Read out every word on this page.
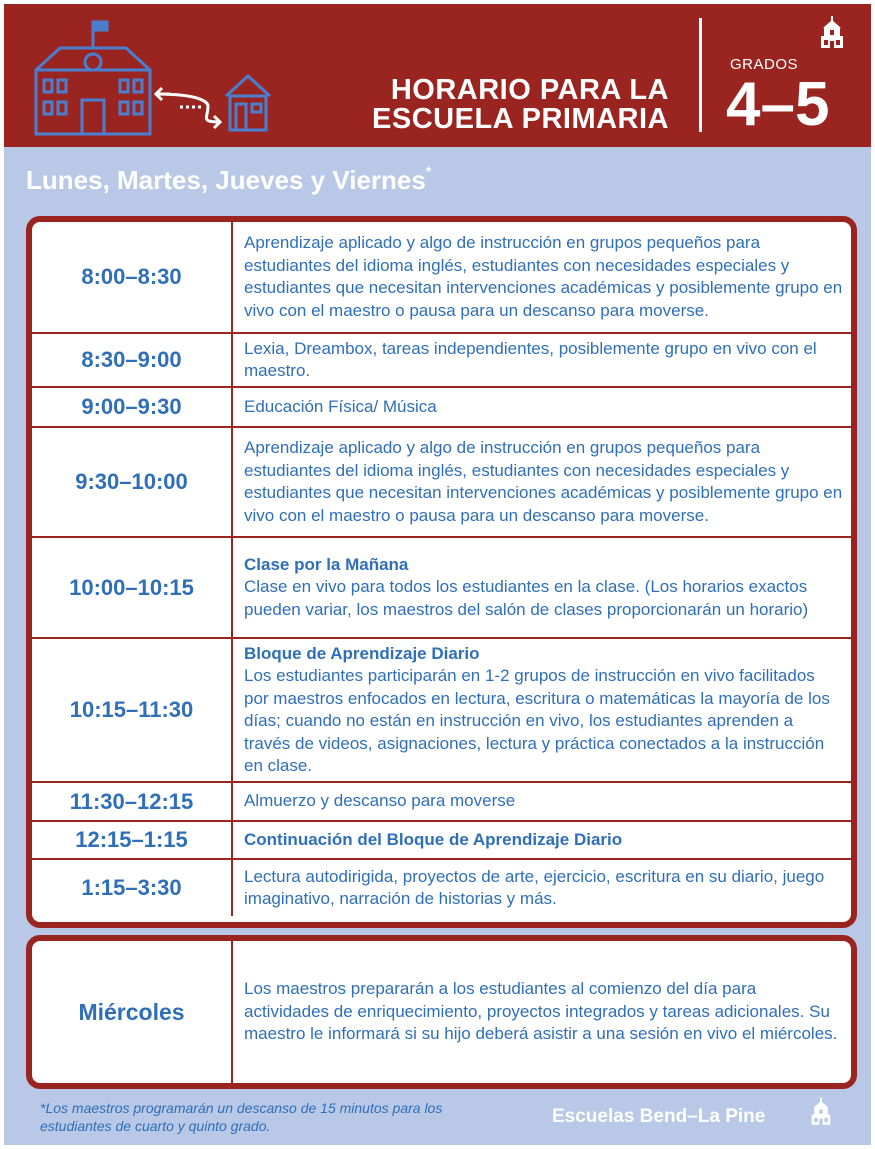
HORARIO PARA LA
ESCUELA PRIMARIA
GRADOS
4–5
Lunes, Martes, Jueves y Viernes*
8:00–8:30
Aprendizaje aplicado y algo de instrucción en grupos pequeños para estudiantes del idioma inglés, estudiantes con necesidades especiales y estudiantes que necesitan intervenciones académicas y posiblemente grupo en vivo con el maestro o pausa para un descanso para moverse.
8:30–9:00	Lexia, Dreambox, tareas independientes, posiblemente grupo en vivo con el maestro.
9:00–9:30	Educación Física/ Música
9:30–10:00
Aprendizaje aplicado y algo de instrucción en grupos pequeños para estudiantes del idioma inglés, estudiantes con necesidades especiales y estudiantes que necesitan intervenciones académicas y posiblemente grupo en vivo con el maestro o pausa para un descanso para moverse.
10:00–10:15
Clase por la Mañana
Clase en vivo para todos los estudiantes en la clase. (Los horarios exactos pueden variar, los maestros del salón de clases proporcionarán un horario)
10:15–11:30
Bloque de Aprendizaje Diario
Los estudiantes participarán en 1-2 grupos de instrucción en vivo facilitados por maestros enfocados en lectura, escritura o matemáticas la mayoría de los días; cuando no están en instrucción en vivo, los estudiantes aprenden a través de videos, asignaciones, lectura y práctica conectados a la instrucción en clase.
11:30–12:15	Almuerzo y descanso para moverse
12:15–1:15	Continuación del Bloque de Aprendizaje Diario
1:15–3:30	Lectura autodirigida, proyectos de arte, ejercicio, escritura en su diario, juego imaginativo, narración de historias y más.
Miércoles
Los maestros prepararán a los estudiantes al comienzo del día para actividades de enriquecimiento, proyectos integrados y tareas adicionales. Su maestro le informará si su hijo deberá asistir a una sesión en vivo el miércoles.
*Los maestros programarán un descanso de 15 minutos para los estudiantes de cuarto y quinto grado.	Escuelas Bend–La Pine
